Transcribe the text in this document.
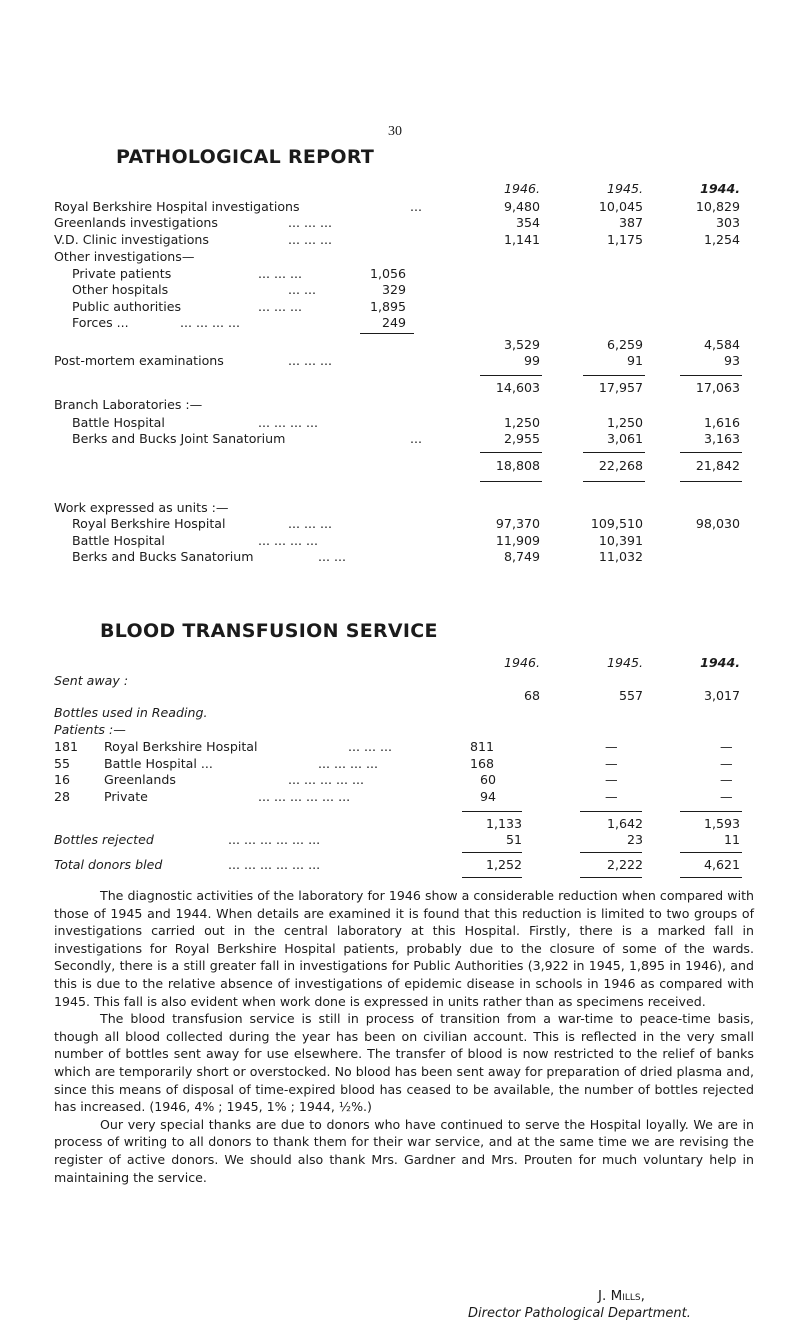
30
PATHOLOGICAL REPORT
1946.	1945.	1944.
Royal Berkshire Hospital investigations	...	9,480	10,045	10,829
Greenlands investigations	... ... ...	354	387	303
V.D. Clinic investigations	... ... ...	1,141	1,175	1,254
Other investigations—
Private patients	... ... ...	1,056
Other hospitals	... ...	329
Public authorities	... ... ...	1,895
Forces ...	... ... ... ...	249
3,529	6,259	4,584
Post-mortem examinations	... ... ...	99	91	93
14,603	17,957	17,063
Branch Laboratories :—
Battle Hospital	... ... ... ...	1,250	1,250	1,616
Berks and Bucks Joint Sanatorium	...	2,955	3,061	3,163
18,808	22,268	21,842
Work expressed as units :—
Royal Berkshire Hospital	... ... ...	97,370	109,510	98,030
Battle Hospital	... ... ... ...	11,909	10,391
Berks and Bucks Sanatorium	... ...	8,749	11,032
BLOOD TRANSFUSION SERVICE
1946.	1945.	1944.
Sent away :
68	557	3,017
Bottles used in Reading.
Patients :—
181 Royal Berkshire Hospital	... ... ...	811	—	—
55	Battle Hospital ...	... ... ... ...	168	—	—
16	Greenlands	... ... ... ... ...	60	—	—
28	Private	... ... ... ... ... ...	94	—	—
1,133	1,642	1,593
Bottles rejected	... ... ... ... ... ...	51	23	11
Total donors bled	... ... ... ... ... ...	1,252	2,222	4,621

The diagnostic activities of the laboratory for 1946 show a considerable reduction when compared with those of 1945 and 1944. When details are examined it is found that this reduction is limited to two groups of investigations carried out in the central laboratory at this Hospital. Firstly, there is a marked fall in investigations for Royal Berkshire Hospital patients, probably due to the closure of some of the wards. Secondly, there is a still greater fall in investigations for Public Authorities (3,922 in 1945, 1,895 in 1946), and this is due to the relative absence of investigations of epidemic disease in schools in 1946 as compared with 1945. This fall is also evident when work done is expressed in units rather than as specimens received.

The blood transfusion service is still in process of transition from a war-time to peace-time basis, though all blood collected during the year has been on civilian account. This is reflected in the very small number of bottles sent away for use elsewhere. The transfer of blood is now restricted to the relief of banks which are temporarily short or overstocked. No blood has been sent away for preparation of dried plasma and, since this means of disposal of time-expired blood has ceased to be available, the number of bottles rejected has increased. (1946, 4% ; 1945, 1% ; 1944, ½%.)

Our very special thanks are due to donors who have continued to serve the Hospital loyally. We are in process of writing to all donors to thank them for their war service, and at the same time we are revising the register of active donors. We should also thank Mrs. Gardner and Mrs. Prouten for much voluntary help in maintaining the service.

J. Mills,
Director Pathological Department.
